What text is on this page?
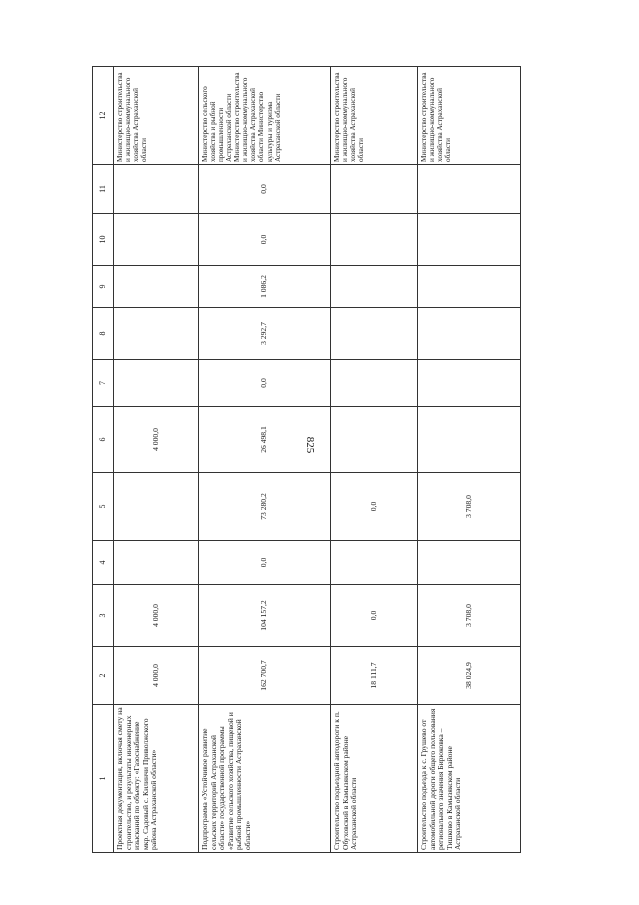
825
1	2	3	4	5	6	7	8	9	10	11	12
Проектная документация, включая смету на строительство, и результаты инженерных изысканий по объекту: «Газоснабжение мкр. Садовый с. Килинчи Приволжского района Астраханской области»	4 000,0	4 000,0			4 000,0						Министерство строительства и жилищно-коммунального хозяйства Астраханской области
Подпрограмма «Устойчивое развитие сельских территорий Астраханской области» государственной программы «Развитие сельского хозяйства, пищевой и рыбной промышленности Астраханской области»	162 700,7	104 157,2	0,0	73 280,2	26 498,1	0,0	3 292,7	1 086,2	0,0	0,0	Министерство сельского хозяйства и рыбной промышленности Астраханской области Министерство строительства и жилищно-коммунального хозяйства Астраханской области Министерство культуры и туризма Астраханской области
Строительство подъездной автодороги к п. Обуховский в Камызякском районе Астраханской области	18 111,7	0,0		0,0							Министерство строительства и жилищно-коммунального хозяйства Астраханской области
Строительство подъезда к с. Грушево от автомобильной дороги общего пользования регионального значения Бирюковка – Тишково в Камызякском районе Астраханской области	38 024,9	3 708,0		3 708,0							Министерство строительства и жилищно-коммунального хозяйства Астраханской области
